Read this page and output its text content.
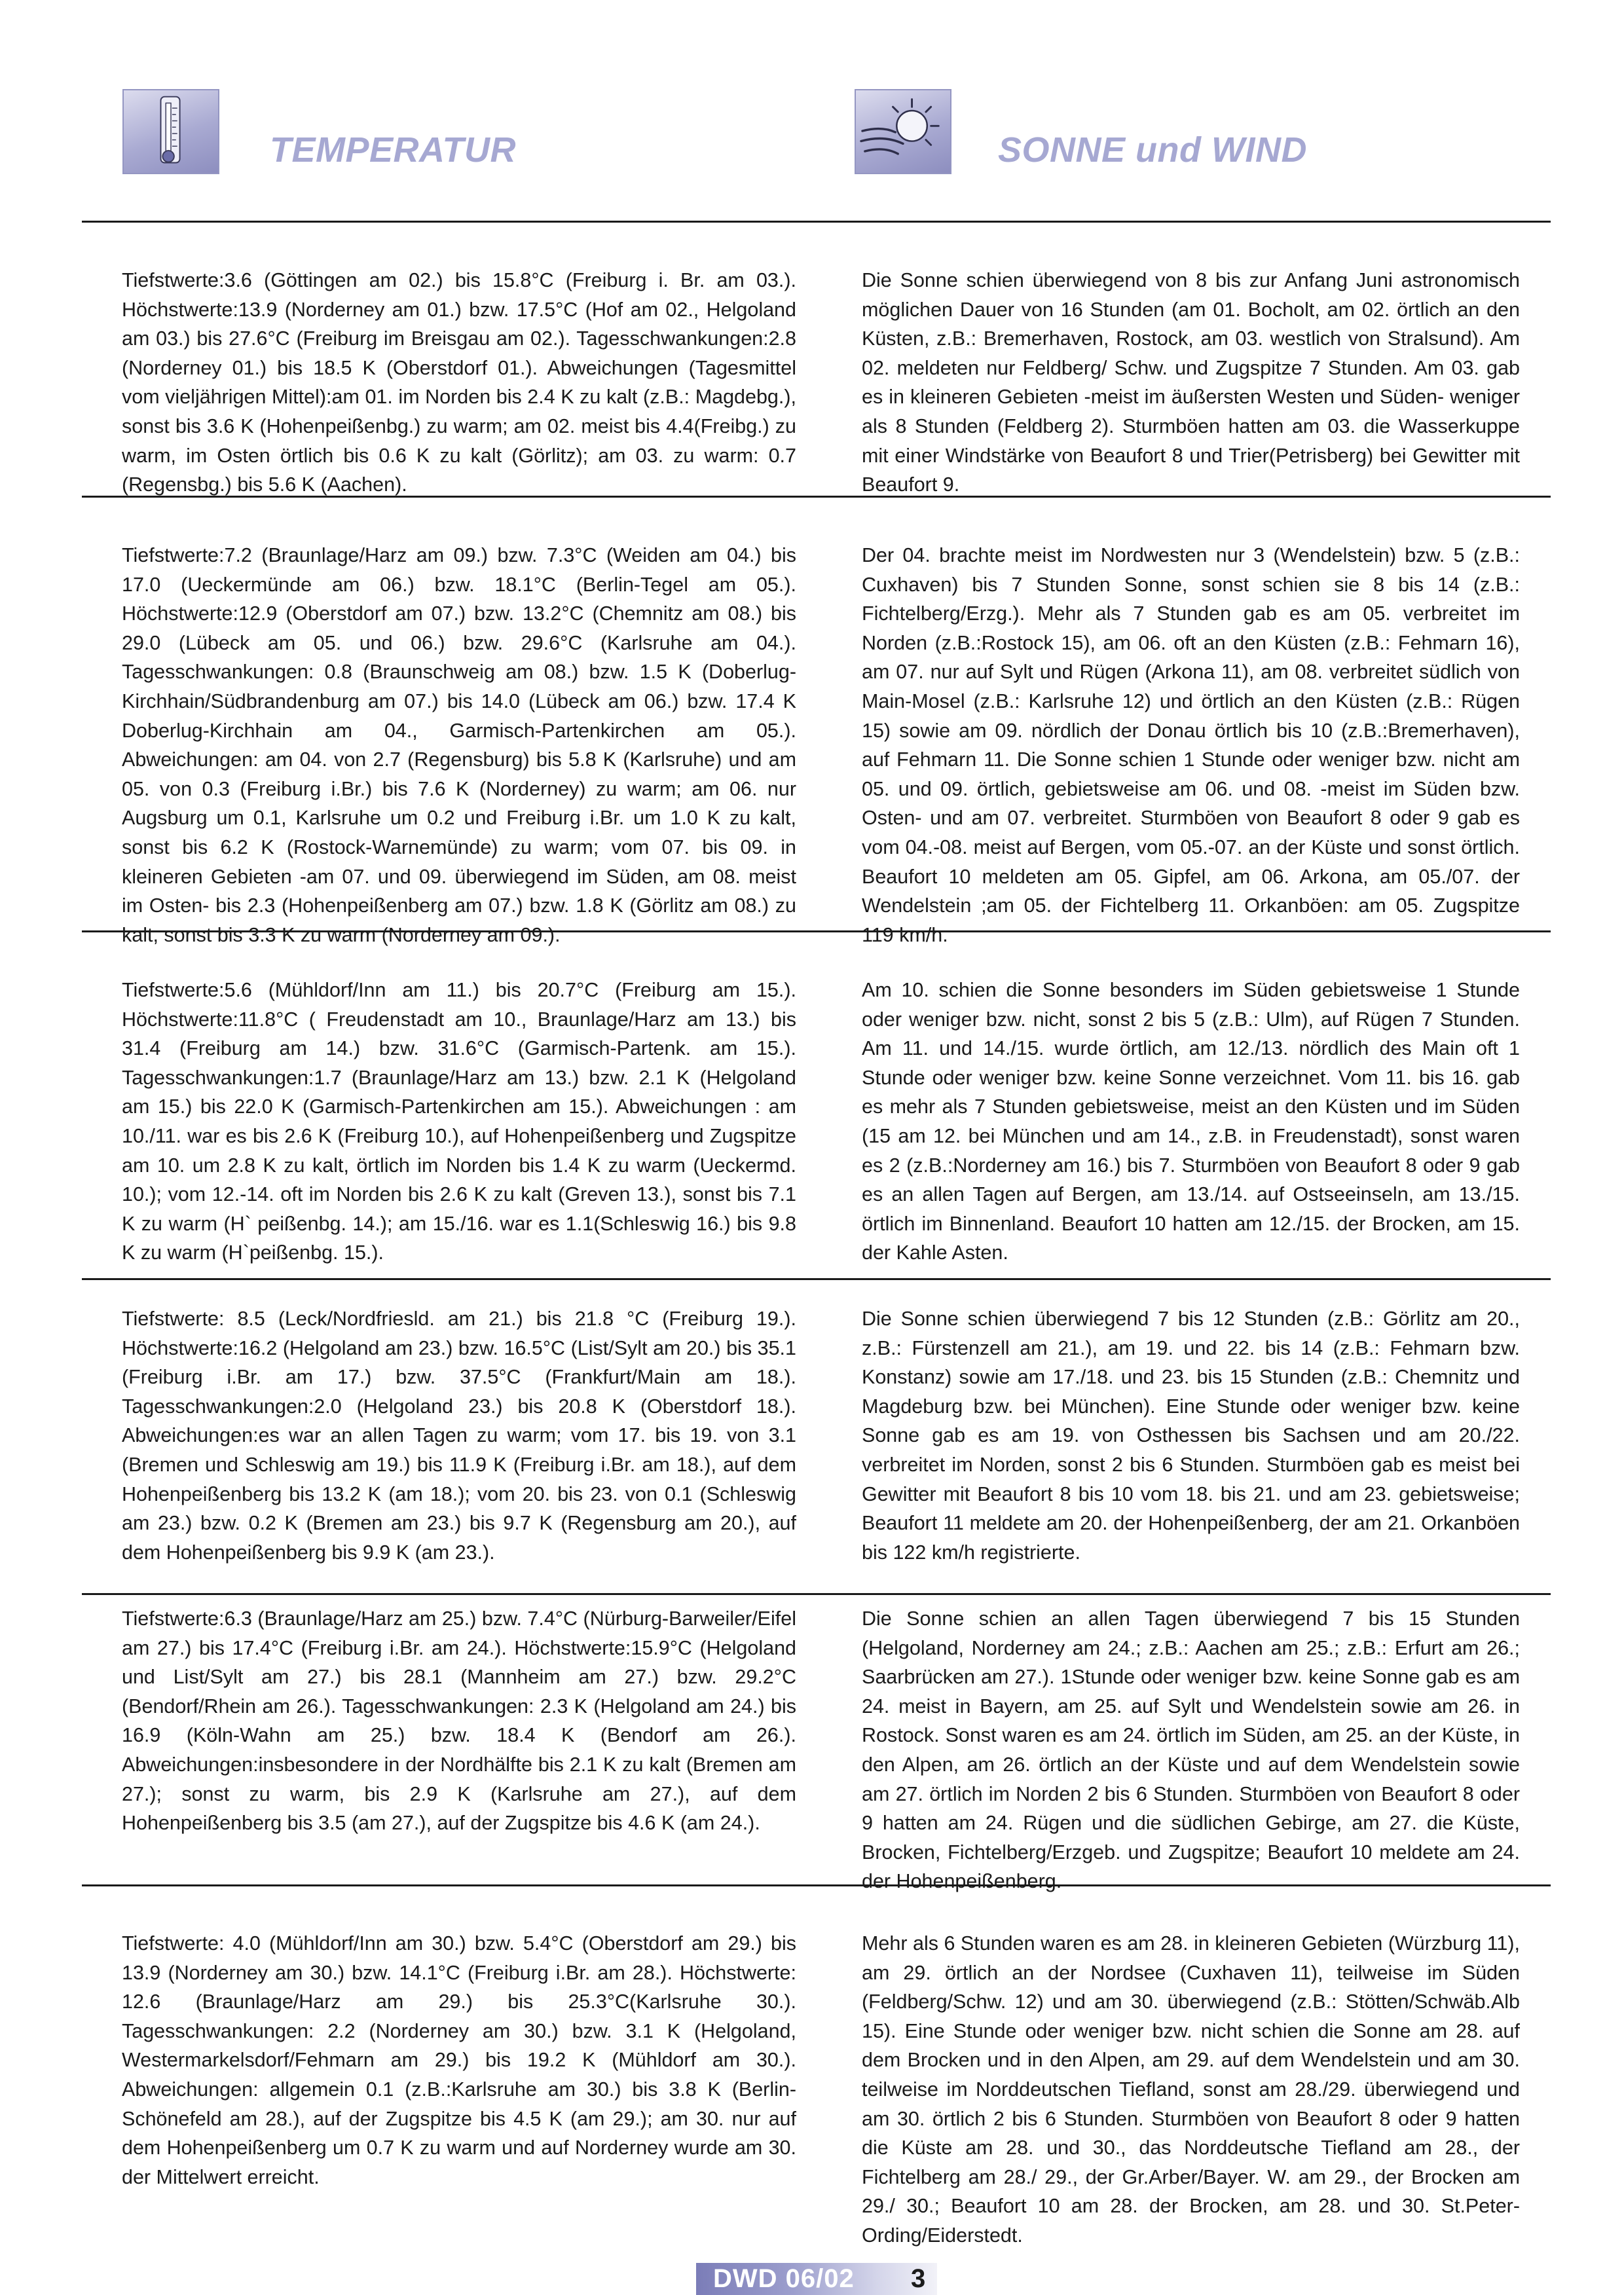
TEMPERATUR	SONNE und WIND
Tiefstwerte:3.6 (Göttingen am 02.) bis 15.8°C (Freiburg i. Br. am 03.). Höchstwerte:13.9 (Norderney am 01.) bzw. 17.5°C (Hof am 02., Helgoland am 03.) bis 27.6°C (Freiburg im Breisgau am 02.). Tagesschwankungen:2.8 (Norderney 01.) bis 18.5 K (Oberstdorf 01.). Abweichungen (Tagesmittel vom vieljährigen Mittel):am 01. im Norden bis 2.4 K zu kalt (z.B.: Magdebg.), sonst bis 3.6 K (Hohenpeißenbg.) zu warm; am 02. meist bis 4.4(Freibg.) zu warm, im Osten örtlich bis 0.6 K zu kalt (Görlitz); am 03. zu warm: 0.7 (Regensbg.) bis 5.6 K (Aachen).
Die Sonne schien überwiegend von 8 bis zur Anfang Juni astronomisch möglichen Dauer von 16 Stunden (am 01. Bocholt, am 02. örtlich an den Küsten, z.B.: Bremerhaven, Rostock, am 03. westlich von Stralsund). Am 02. meldeten nur Feldberg/ Schw. und Zugspitze 7 Stunden. Am 03. gab es in kleineren Gebieten -meist im äußersten Westen und Süden- weniger als 8 Stunden (Feldberg 2). Sturmböen hatten am 03. die Wasserkuppe mit einer Windstärke von Beaufort 8 und Trier(Petrisberg) bei Gewitter mit Beaufort 9.
Tiefstwerte:7.2 (Braunlage/Harz am 09.) bzw. 7.3°C (Weiden am 04.) bis 17.0 (Ueckermünde am 06.) bzw. 18.1°C (Berlin-Tegel am 05.). Höchstwerte:12.9 (Oberstdorf am 07.) bzw. 13.2°C (Chemnitz am 08.) bis 29.0 (Lübeck am 05. und 06.) bzw. 29.6°C (Karlsruhe am 04.). Tagesschwankungen: 0.8 (Braunschweig am 08.) bzw. 1.5 K (Doberlug-Kirchhain/Südbrandenburg am 07.) bis 14.0 (Lübeck am 06.) bzw. 17.4 K Doberlug-Kirchhain am 04., Garmisch-Partenkirchen am 05.). Abweichungen: am 04. von 2.7 (Regensburg) bis 5.8 K (Karlsruhe) und am 05. von 0.3 (Freiburg i.Br.) bis 7.6 K (Norderney) zu warm; am 06. nur Augsburg um 0.1, Karlsruhe um 0.2 und Freiburg i.Br. um 1.0 K zu kalt, sonst bis 6.2 K (Rostock-Warnemünde) zu warm; vom 07. bis 09. in kleineren Gebieten -am 07. und 09. überwiegend im Süden, am 08. meist im Osten- bis 2.3 (Hohenpeißenberg am 07.) bzw. 1.8 K (Görlitz am 08.) zu kalt, sonst bis 3.3 K zu warm (Norderney am 09.).
Der 04. brachte meist im Nordwesten nur 3 (Wendelstein) bzw. 5 (z.B.: Cuxhaven) bis 7 Stunden Sonne, sonst schien sie 8 bis 14 (z.B.: Fichtelberg/Erzg.). Mehr als 7 Stunden gab es am 05. verbreitet im Norden (z.B.:Rostock 15), am 06. oft an den Küsten (z.B.: Fehmarn 16), am 07. nur auf Sylt und Rügen (Arkona 11), am 08. verbreitet südlich von Main-Mosel (z.B.: Karlsruhe 12) und örtlich an den Küsten (z.B.: Rügen 15) sowie am 09. nördlich der Donau örtlich bis 10 (z.B.:Bremerhaven), auf Fehmarn 11. Die Sonne schien 1 Stunde oder weniger bzw. nicht am 05. und 09. örtlich, gebietsweise am 06. und 08. -meist im Süden bzw. Osten- und am 07. verbreitet. Sturmböen von Beaufort 8 oder 9 gab es vom 04.-08. meist auf Bergen, vom 05.-07. an der Küste und sonst örtlich. Beaufort 10 meldeten am 05. Gipfel, am 06. Arkona, am 05./07. der Wendelstein ;am 05. der Fichtelberg 11. Orkanböen: am 05. Zugspitze 119 km/h.
Tiefstwerte:5.6 (Mühldorf/Inn am 11.) bis 20.7°C (Freiburg am 15.). Höchstwerte:11.8°C ( Freudenstadt am 10., Braunlage/Harz am 13.) bis 31.4 (Freiburg am 14.) bzw. 31.6°C (Garmisch-Partenk. am 15.). Tagesschwankungen:1.7 (Braunlage/Harz am 13.) bzw. 2.1 K (Helgoland am 15.) bis 22.0 K (Garmisch-Partenkirchen am 15.). Abweichungen : am 10./11. war es bis 2.6 K (Freiburg 10.), auf Hohenpeißenberg und Zugspitze am 10. um 2.8 K zu kalt, örtlich im Norden bis 1.4 K zu warm (Ueckermd. 10.); vom 12.-14. oft im Norden bis 2.6 K zu kalt (Greven 13.), sonst bis 7.1 K zu warm (H` peißenbg. 14.); am 15./16. war es 1.1(Schleswig 16.) bis 9.8 K zu warm (H`peißenbg. 15.).
Am 10. schien die Sonne besonders im Süden gebietsweise 1 Stunde oder weniger bzw. nicht, sonst 2 bis 5 (z.B.: Ulm), auf Rügen 7 Stunden. Am 11. und 14./15. wurde örtlich, am 12./13. nördlich des Main oft 1 Stunde oder weniger bzw. keine Sonne verzeichnet. Vom 11. bis 16. gab es mehr als 7 Stunden gebietsweise, meist an den Küsten und im Süden (15 am 12. bei München und am 14., z.B. in Freudenstadt), sonst waren es 2 (z.B.:Norderney am 16.) bis 7. Sturmböen von Beaufort 8 oder 9 gab es an allen Tagen auf Bergen, am 13./14. auf Ostseeinseln, am 13./15. örtlich im Binnenland. Beaufort 10 hatten am 12./15. der Brocken, am 15. der Kahle Asten.
Tiefstwerte: 8.5 (Leck/Nordfriesld. am 21.) bis 21.8 °C (Freiburg 19.). Höchstwerte:16.2 (Helgoland am 23.) bzw. 16.5°C (List/Sylt am 20.) bis 35.1 (Freiburg i.Br. am 17.) bzw. 37.5°C (Frankfurt/Main am 18.). Tagesschwankungen:2.0 (Helgoland 23.) bis 20.8 K (Oberstdorf 18.). Abweichungen:es war an allen Tagen zu warm; vom 17. bis 19. von 3.1 (Bremen und Schleswig am 19.) bis 11.9 K (Freiburg i.Br. am 18.), auf dem Hohenpeißenberg bis 13.2 K (am 18.); vom 20. bis 23. von 0.1 (Schleswig am 23.) bzw. 0.2 K (Bremen am 23.) bis 9.7 K (Regensburg am 20.), auf dem Hohenpeißenberg bis 9.9 K (am 23.).
Die Sonne schien überwiegend 7 bis 12 Stunden (z.B.: Görlitz am 20., z.B.: Fürstenzell am 21.), am 19. und 22. bis 14 (z.B.: Fehmarn bzw. Konstanz) sowie am 17./18. und 23. bis 15 Stunden (z.B.: Chemnitz und Magdeburg bzw. bei München). Eine Stunde oder weniger bzw. keine Sonne gab es am 19. von Osthessen bis Sachsen und am 20./22. verbreitet im Norden, sonst 2 bis 6 Stunden. Sturmböen gab es meist bei Gewitter mit Beaufort 8 bis 10 vom 18. bis 21. und am 23. gebietsweise; Beaufort 11 meldete am 20. der Hohenpeißenberg, der am 21. Orkanböen bis 122 km/h registrierte.
Tiefstwerte:6.3 (Braunlage/Harz am 25.) bzw. 7.4°C (Nürburg-Barweiler/Eifel am 27.) bis 17.4°C (Freiburg i.Br. am 24.). Höchstwerte:15.9°C (Helgoland und List/Sylt am 27.) bis 28.1 (Mannheim am 27.) bzw. 29.2°C (Bendorf/Rhein am 26.). Tagesschwankungen: 2.3 K (Helgoland am 24.) bis 16.9 (Köln-Wahn am 25.) bzw. 18.4 K (Bendorf am 26.). Abweichungen:insbesondere in der Nordhälfte bis 2.1 K zu kalt (Bremen am 27.); sonst zu warm, bis 2.9 K (Karlsruhe am 27.), auf dem Hohenpeißenberg bis 3.5 (am 27.), auf der Zugspitze bis 4.6 K (am 24.).
Die Sonne schien an allen Tagen überwiegend 7 bis 15 Stunden (Helgoland, Norderney am 24.; z.B.: Aachen am 25.; z.B.: Erfurt am 26.; Saarbrücken am 27.). 1Stunde oder weniger bzw. keine Sonne gab es am 24. meist in Bayern, am 25. auf Sylt und Wendelstein sowie am 26. in Rostock. Sonst waren es am 24. örtlich im Süden, am 25. an der Küste, in den Alpen, am 26. örtlich an der Küste und auf dem Wendelstein sowie am 27. örtlich im Norden 2 bis 6 Stunden. Sturmböen von Beaufort 8 oder 9 hatten am 24. Rügen und die südlichen Gebirge, am 27. die Küste, Brocken, Fichtelberg/Erzgeb. und Zugspitze; Beaufort 10 meldete am 24. der Hohenpeißenberg.
Tiefstwerte: 4.0 (Mühldorf/Inn am 30.) bzw. 5.4°C (Oberstdorf am 29.) bis 13.9 (Norderney am 30.) bzw. 14.1°C (Freiburg i.Br. am 28.). Höchstwerte: 12.6 (Braunlage/Harz am 29.) bis 25.3°C(Karlsruhe 30.). Tagesschwankungen: 2.2 (Norderney am 30.) bzw. 3.1 K (Helgoland, Westermarkelsdorf/Fehmarn am 29.) bis 19.2 K (Mühldorf am 30.). Abweichungen: allgemein 0.1 (z.B.:Karlsruhe am 30.) bis 3.8 K (Berlin-Schönefeld am 28.), auf der Zugspitze bis 4.5 K (am 29.); am 30. nur auf dem Hohenpeißenberg um 0.7 K zu warm und auf Norderney wurde am 30. der Mittelwert erreicht.
Mehr als 6 Stunden waren es am 28. in kleineren Gebieten (Würzburg 11), am 29. örtlich an der Nordsee (Cuxhaven 11), teilweise im Süden (Feldberg/Schw. 12) und am 30. überwiegend (z.B.: Stötten/Schwäb.Alb 15). Eine Stunde oder weniger bzw. nicht schien die Sonne am 28. auf dem Brocken und in den Alpen, am 29. auf dem Wendelstein und am 30. teilweise im Norddeutschen Tiefland, sonst am 28./29. überwiegend und am 30. örtlich 2 bis 6 Stunden. Sturmböen von Beaufort 8 oder 9 hatten die Küste am 28. und 30., das Norddeutsche Tiefland am 28., der Fichtelberg am 28./ 29., der Gr.Arber/Bayer. W. am 29., der Brocken am 29./ 30.; Beaufort 10 am 28. der Brocken, am 28. und 30. St.Peter-Ording/Eiderstedt.
DWD 06/02 3
